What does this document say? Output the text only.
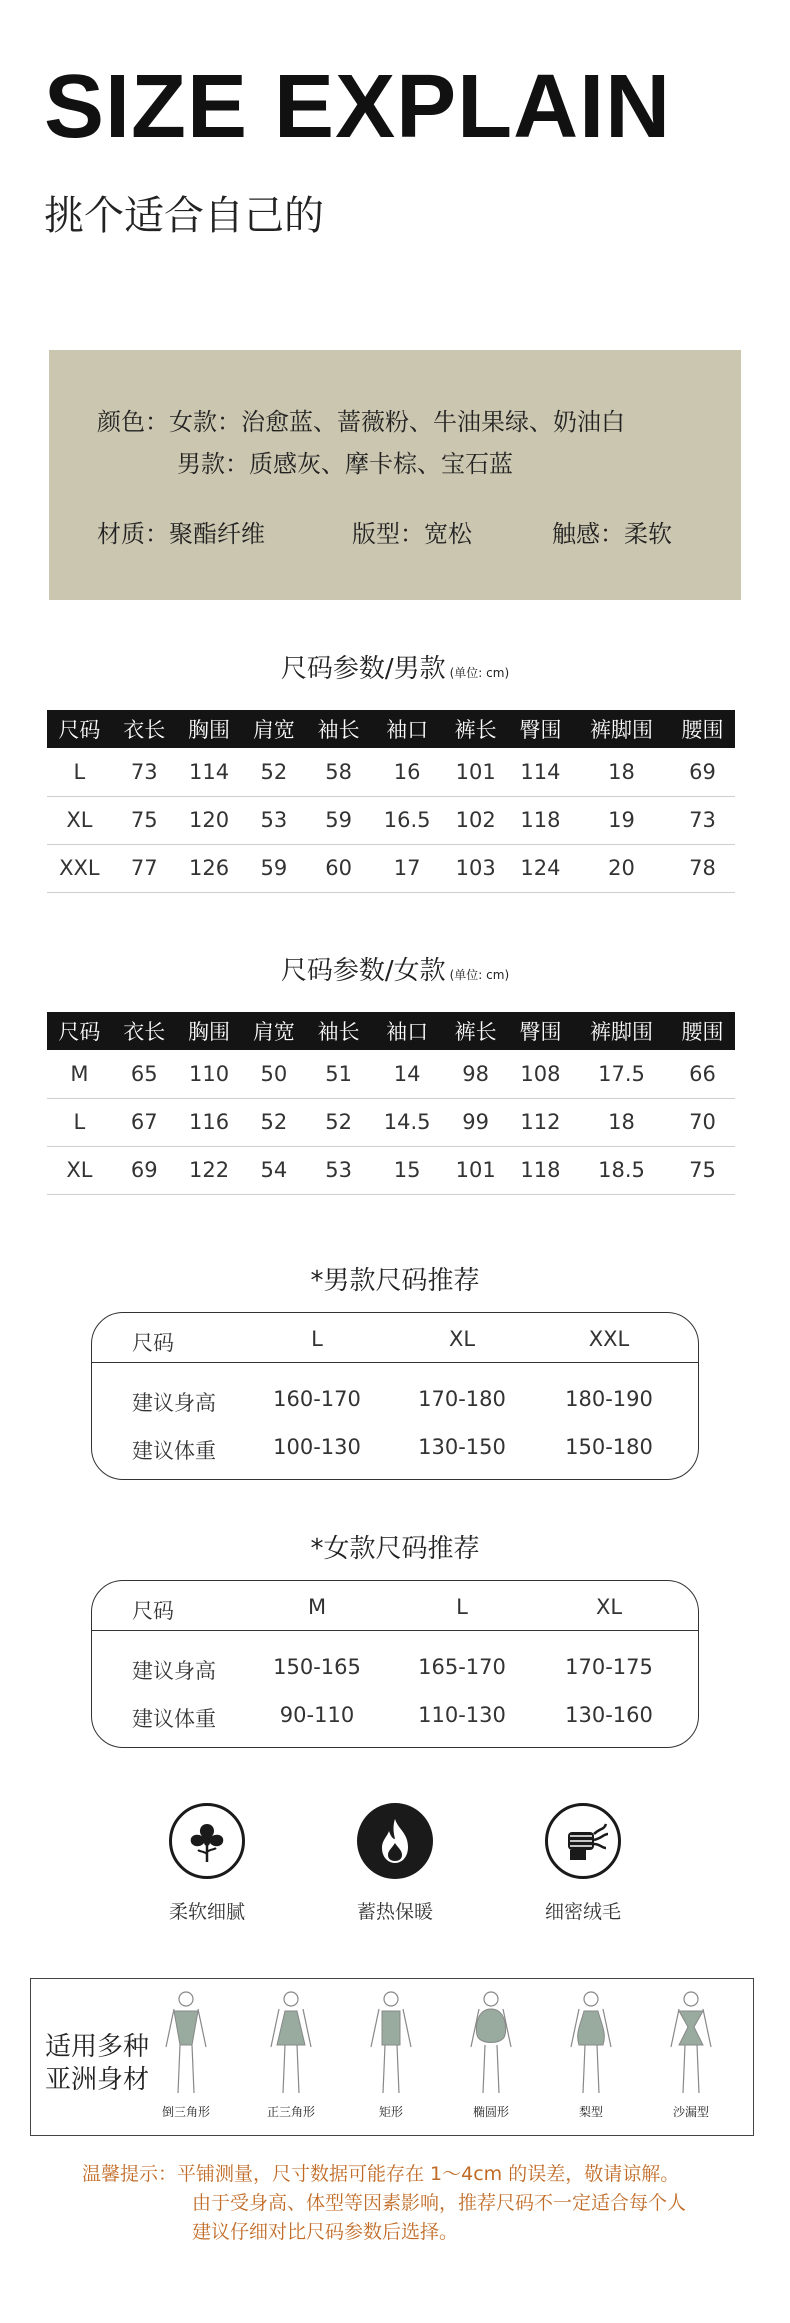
SIZE EXPLAIN
挑个适合自己的
颜色：女款：治愈蓝、蔷薇粉、牛油果绿、奶油白
男款：质感灰、摩卡棕、宝石蓝
材质：聚酯纤维	版型：宽松	触感：柔软
尺码参数/男款 (单位: cm)
尺码	衣长	胸围	肩宽	袖长	袖口	裤长	臀围	裤脚围	腰围
L	73	114	52	58	16	101	114	18	69
XL	75	120	53	59	16.5	102	118	19	73
XXL	77	126	59	60	17	103	124	20	78
尺码参数/女款 (单位: cm)
尺码	衣长	胸围	肩宽	袖长	袖口	裤长	臀围	裤脚围	腰围
M	65	110	50	51	14	98	108	17.5	66
L	67	116	52	52	14.5	99	112	18	70
XL	69	122	54	53	15	101	118	18.5	75
*男款尺码推荐
尺码	L	XL	XXL
建议身高	160-170	170-180	180-190
建议体重	100-130	130-150	150-180
*女款尺码推荐
尺码	M	L	XL
建议身高	150-165	165-170	170-175
建议体重	90-110	110-130	130-160
柔软细腻	蓄热保暖	细密绒毛
适用多种
亚洲身材
倒三角形	正三角形	矩形	椭圆形	梨型	沙漏型
温馨提示：平铺测量，尺寸数据可能存在 1～4cm 的误差，敬请谅解。
由于受身高、体型等因素影响，推荐尺码不一定适合每个人
建议仔细对比尺码参数后选择。
